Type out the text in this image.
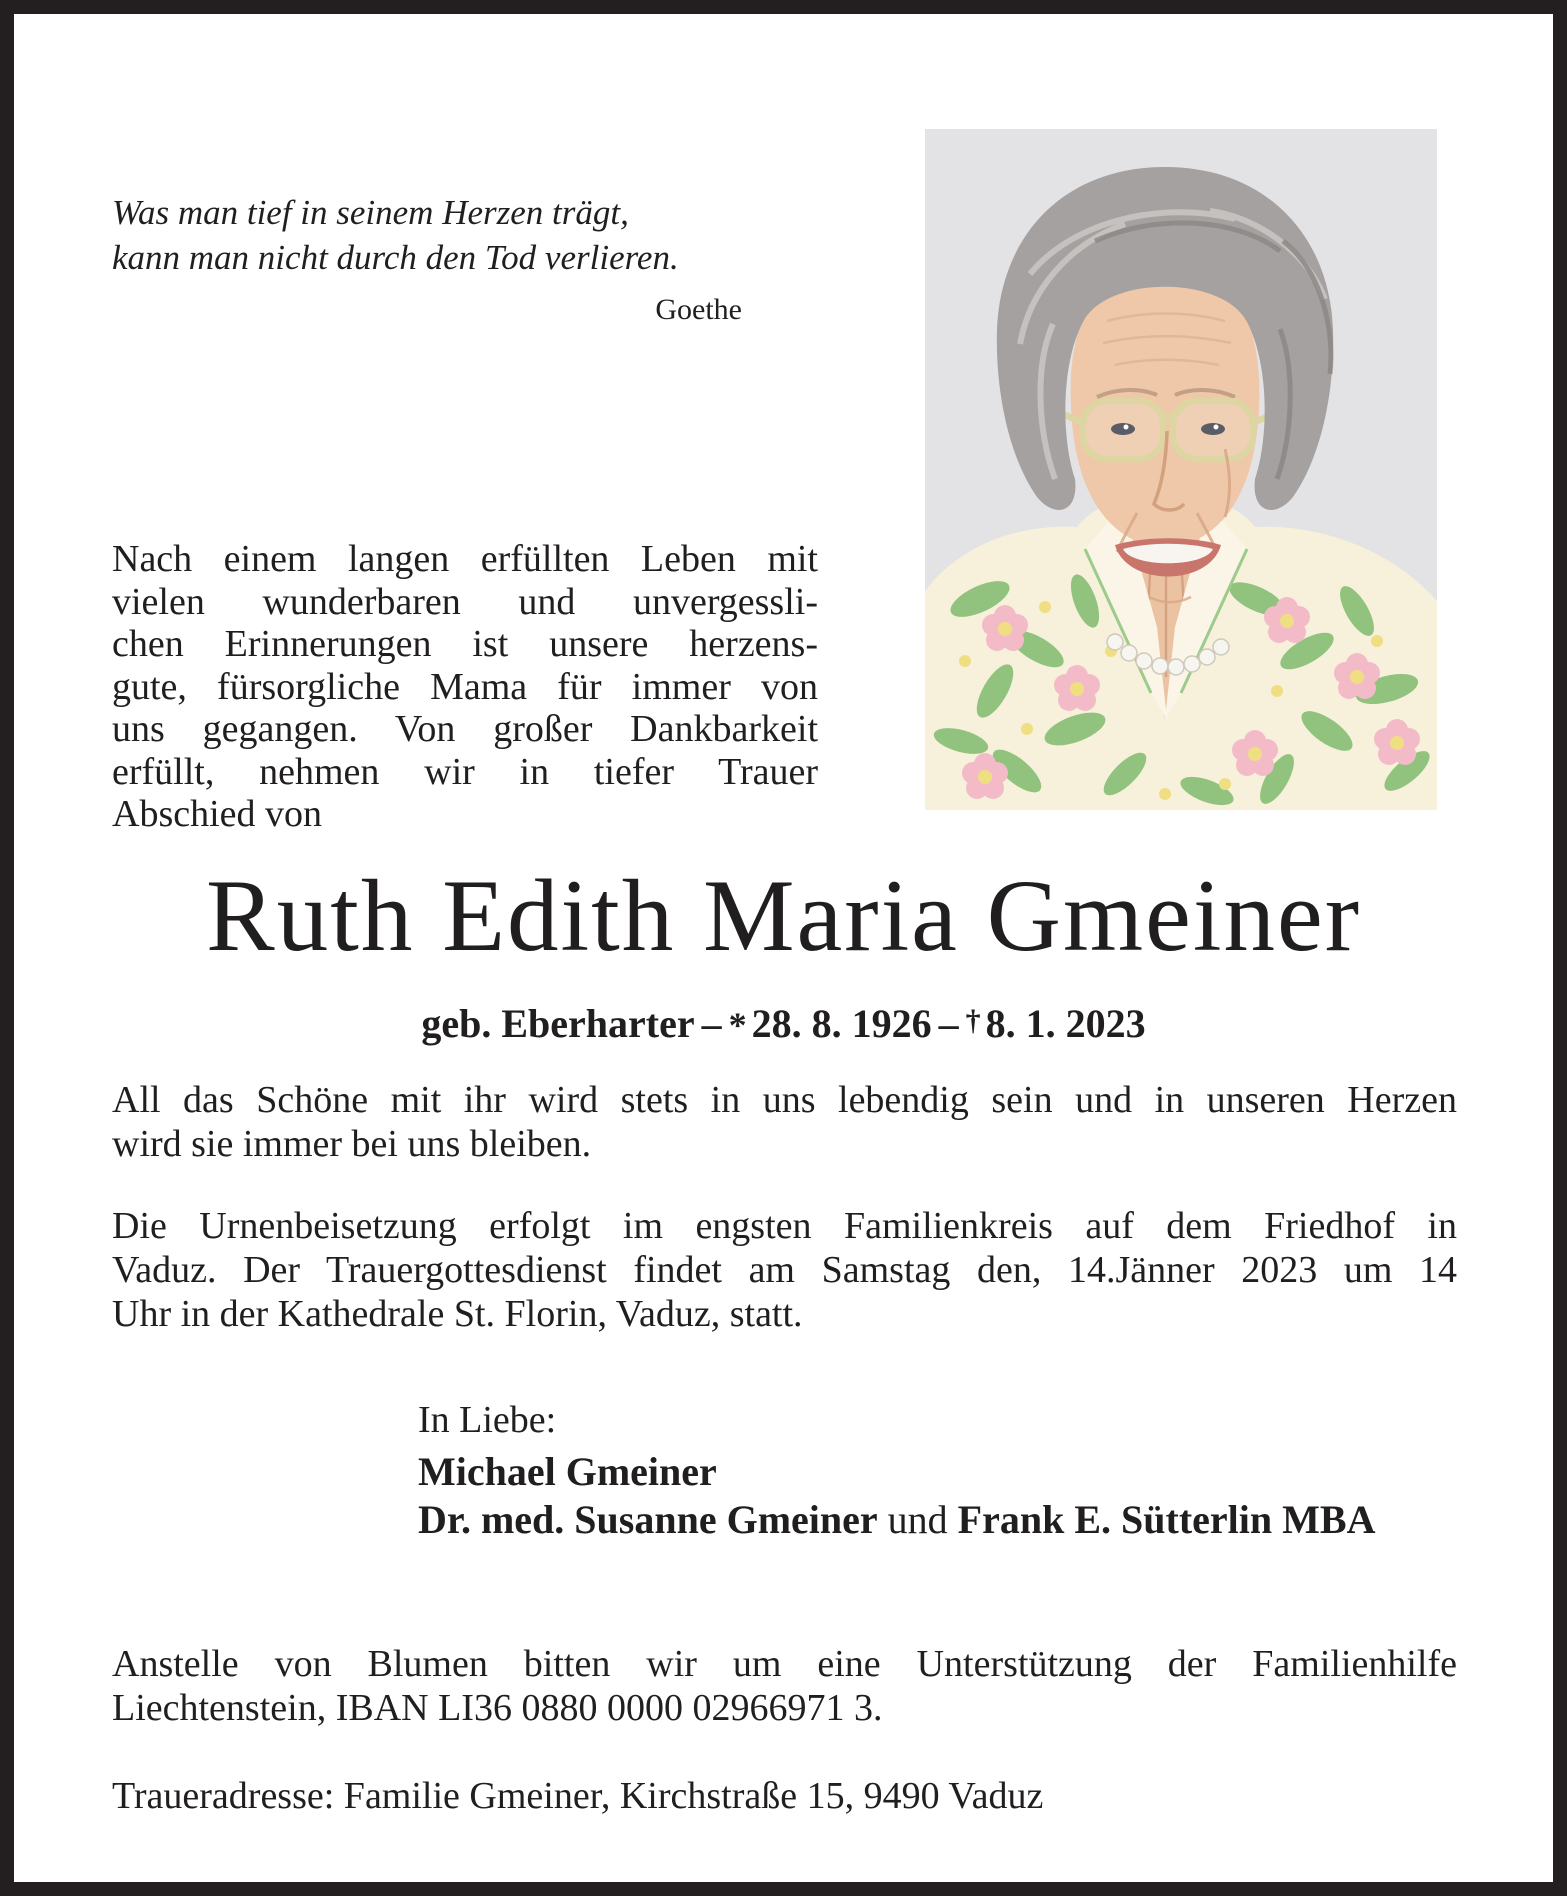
Was man tief in seinem Herzen trägt,
kann man nicht durch den Tod verlieren.
Goethe
Nach einem langen erfüllten Leben mit
vielen wunderbaren und unvergessli-
chen Erinnerungen ist unsere herzens-
gute, fürsorgliche Mama für immer von
uns gegangen. Von großer Dankbarkeit
erfüllt, nehmen wir in tiefer Trauer
Abschied von
Ruth Edith Maria Gmeiner
geb. Eberharter – * 28. 8. 1926 – † 8. 1. 2023
All das Schöne mit ihr wird stets in uns lebendig sein und in unseren Herzen
wird sie immer bei uns bleiben.
Die Urnenbeisetzung erfolgt im engsten Familienkreis auf dem Friedhof in
Vaduz. Der Trauergottesdienst findet am Samstag den, 14.Jänner 2023 um 14
Uhr in der Kathedrale St. Florin, Vaduz, statt.
In Liebe:
Michael Gmeiner
Dr. med. Susanne Gmeiner und Frank E. Sütterlin MBA
Anstelle von Blumen bitten wir um eine Unterstützung der Familienhilfe
Liechtenstein, IBAN LI36 0880 0000 02966971 3.
Traueradresse: Familie Gmeiner, Kirchstraße 15, 9490 Vaduz
